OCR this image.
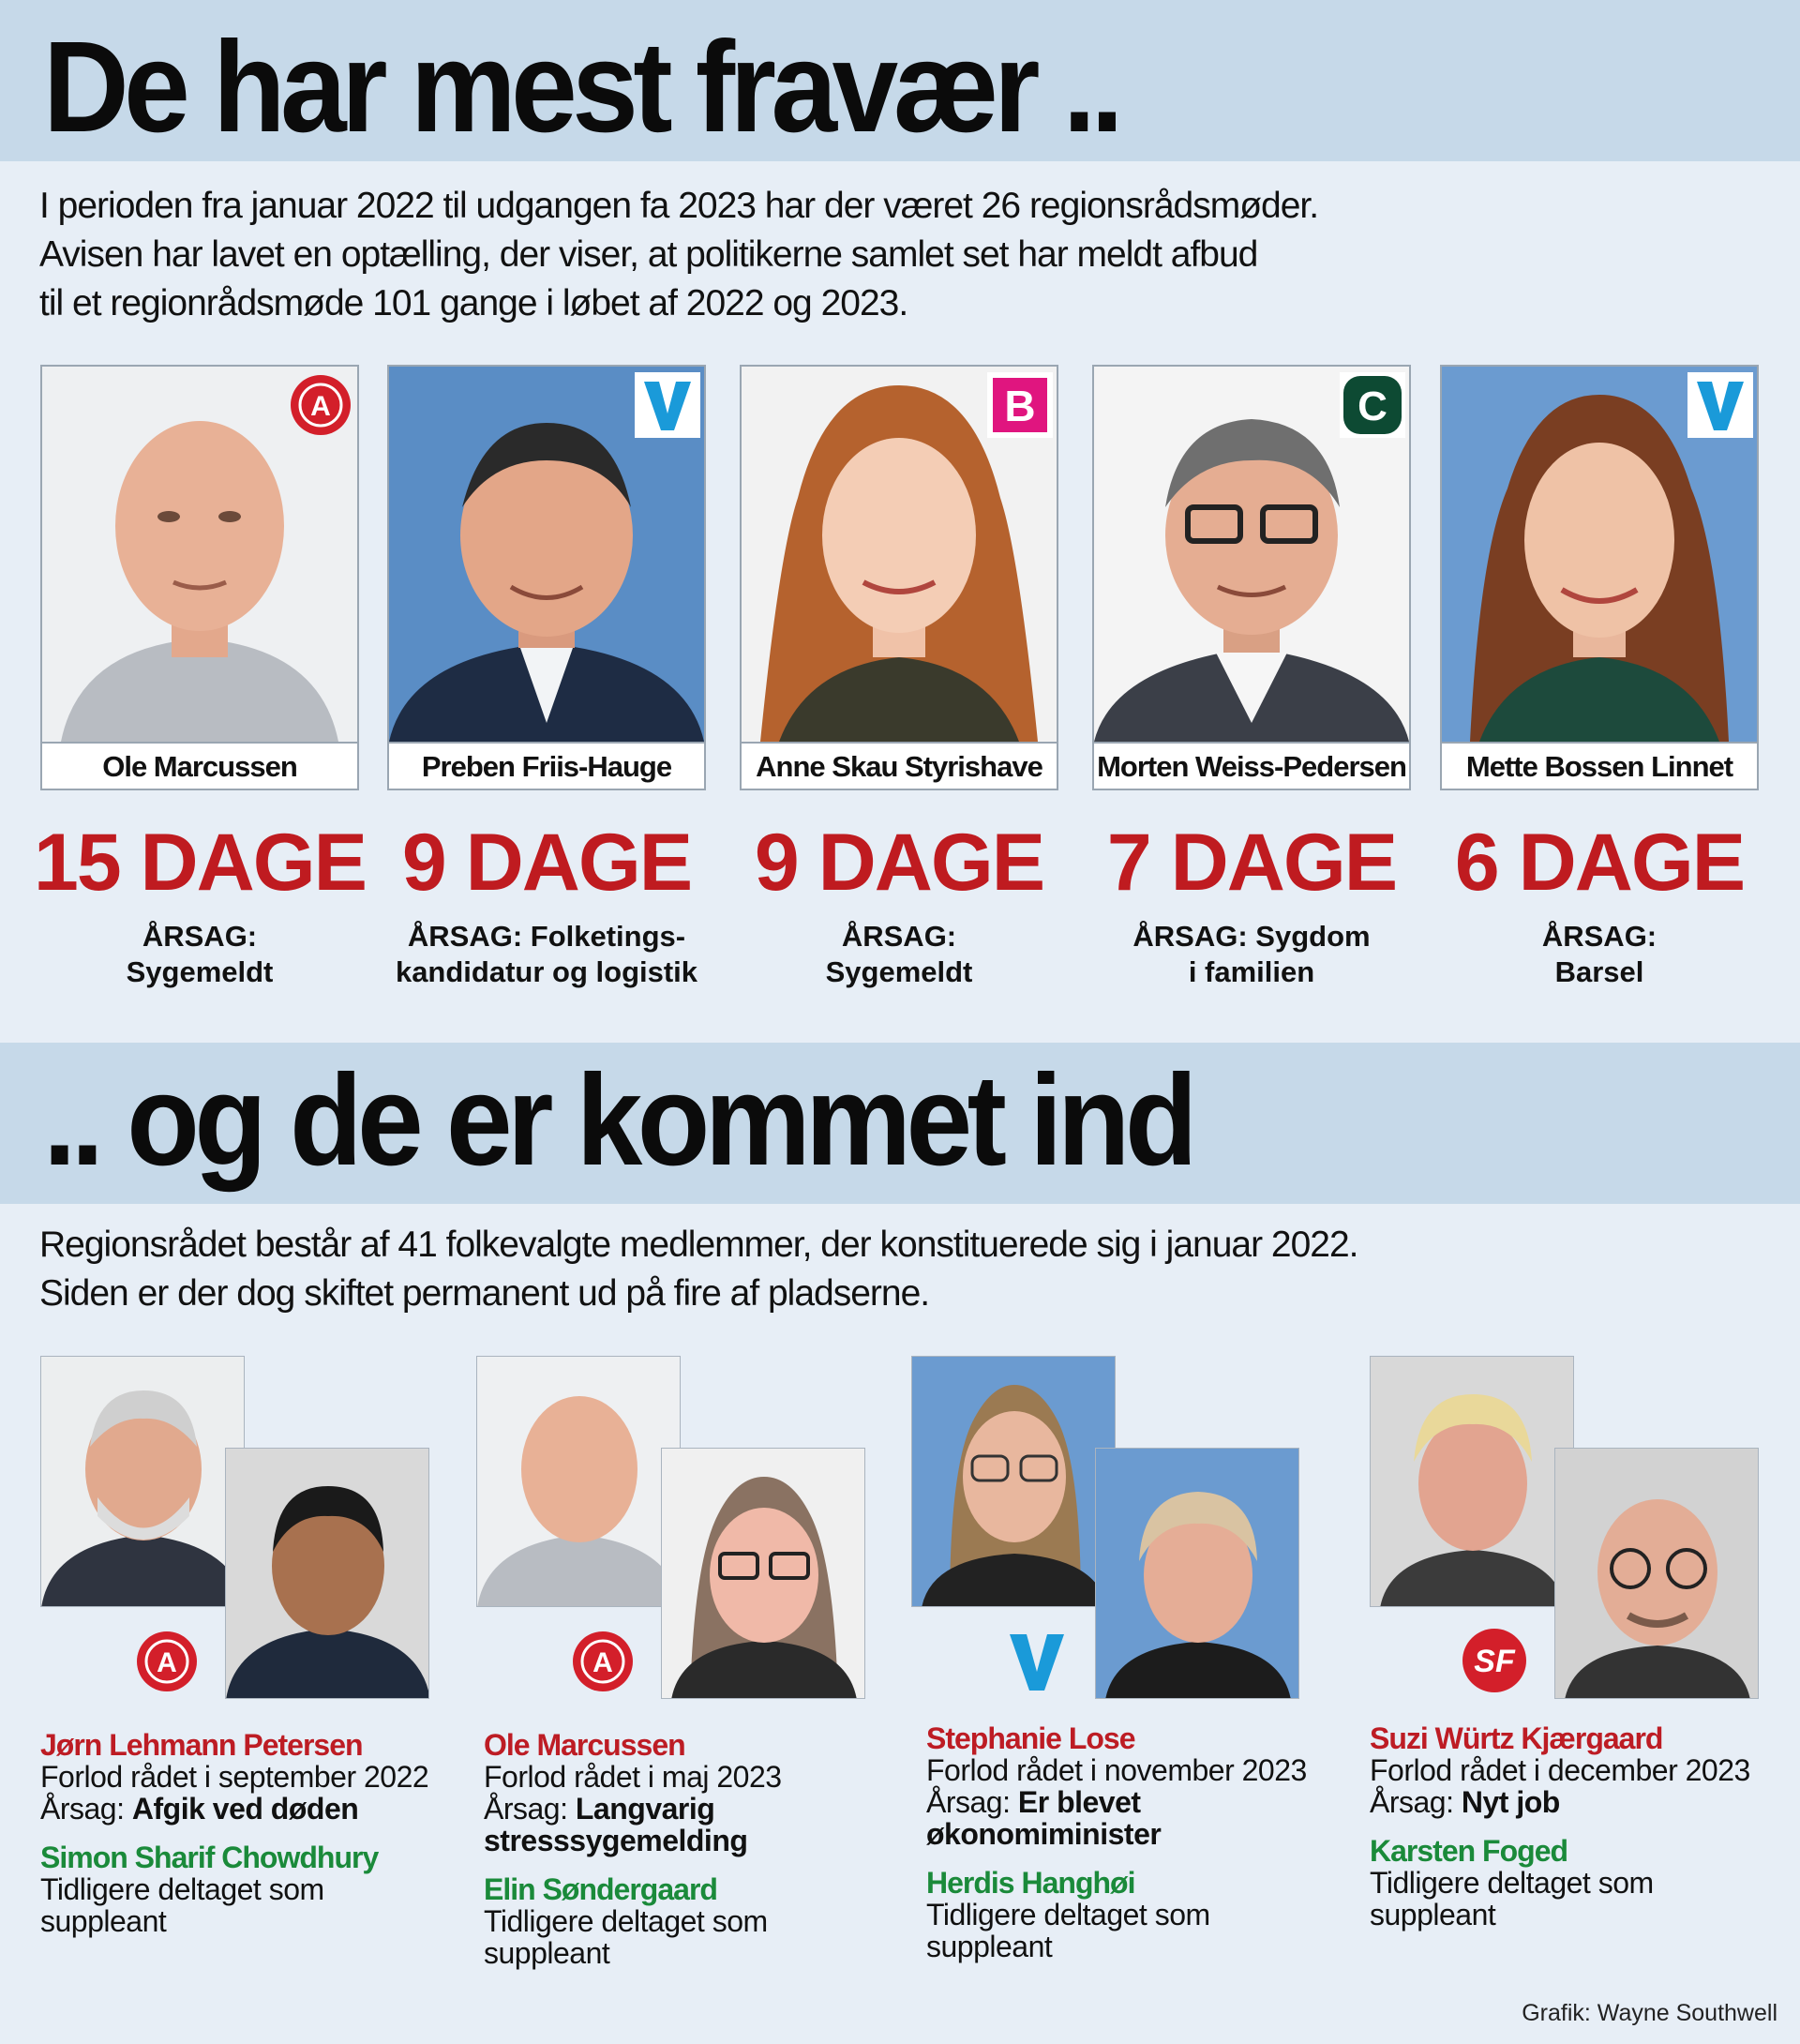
De har mest fravær ..

I perioden fra januar 2022 til udgangen fa 2023 har der været 26 regionsrådsmøder.

Avisen har lavet en optælling, der viser, at politikerne samlet set har meldt afbud

til et regionrådsmøde 101 gange i løbet af 2022 og 2023.

A
Ole Marcussen
15 DAGE
ÅRSAG:
Sygemeldt
Preben Friis-Hauge
9 DAGE
ÅRSAG: Folketings-
kandidatur og logistik
B
Anne Skau Styrishave
9 DAGE
ÅRSAG:
Sygemeldt
C
Morten Weiss-Pedersen
7 DAGE
ÅRSAG: Sygdom
i familien
Mette Bossen Linnet
6 DAGE
ÅRSAG:
Barsel
.. og de er kommet ind

Regionsrådet består af 41 folkevalgte medlemmer, der konstituerede sig i januar 2022.

Siden er der dog skiftet permanent ud på fire af pladserne.

A
Jørn Lehmann Petersen
Forlod rådet i september 2022
Årsag: Afgik ved døden
Simon Sharif Chowdhury
Tidligere deltaget som
suppleant
A
Ole Marcussen
Forlod rådet i maj 2023
Årsag: Langvarig
stresssygemelding
Elin Søndergaard
Tidligere deltaget som
suppleant
Stephanie Lose
Forlod rådet i november 2023
Årsag: Er blevet
økonomiminister
Herdis Hanghøi
Tidligere deltaget som
suppleant
SF
Suzi Würtz Kjærgaard
Forlod rådet i december 2023
Årsag: Nyt job
Karsten Foged
Tidligere deltaget som
suppleant
Grafik: Wayne Southwell
